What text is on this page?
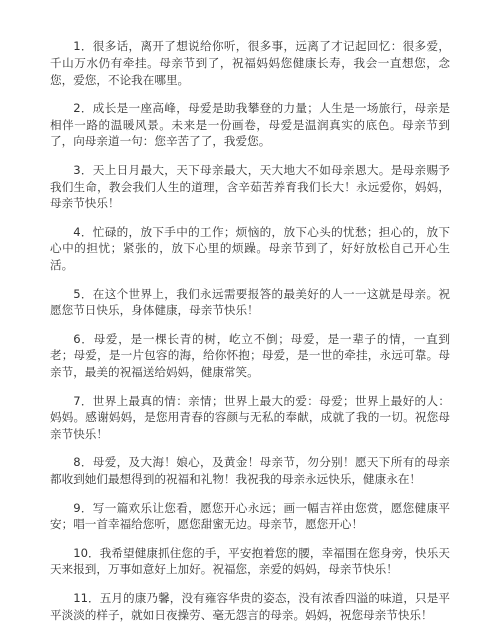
1．很多话，离开了想说给你听，很多事，远离了才记起回忆：很多爱，千山万水仍有牵挂。母亲节到了，祝福妈妈您健康长寿，我会一直想您，念您，爱您，不论我在哪里。

2．成长是一座高峰，母爱是助我攀登的力量；人生是一场旅行，母亲是相伴一路的温暖风景。未来是一份画卷，母爱是温润真实的底色。母亲节到了，向母亲道一句：您辛苦了了，我爱您。

3．天上日月最大，天下母亲最大，天大地大不如母亲恩大。是母亲赐予我们生命，教会我们人生的道理，含辛茹苦养育我们长大！永远爱你，妈妈，母亲节快乐！

4．忙碌的，放下手中的工作；烦恼的，放下心头的忧愁；担心的，放下心中的担忧；紧张的，放下心里的烦躁。母亲节到了，好好放松自己开心生活。

5．在这个世界上，我们永远需要报答的最美好的人一一这就是母亲。祝愿您节日快乐，身体健康，母亲节快乐！

6．母爱，是一棵长青的树，屹立不倒；母爱，是一辈子的情，一直到老；母爱，是一片包容的海，给你怀抱；母爱，是一世的牵挂，永远可靠。母亲节，最美的祝福送给妈妈，健康常笑。

7．世界上最真的情：亲情；世界上最大的爱：母爱；世界上最好的人：妈妈。感谢妈妈，是您用青春的容颜与无私的奉献，成就了我的一切。祝您母亲节快乐！

8．母爱，及大海！娘心，及黄金！母亲节，勿分别！愿天下所有的母亲都收到她们最想得到的祝福和礼物！我祝我的母亲永远快乐，健康永在！

9．写一篇欢乐让您看，愿您开心永远；画一幅吉祥由您赏，愿您健康平安；唱一首幸福给您听，愿您甜蜜无边。母亲节，愿您开心！

10．我希望健康抓住您的手，平安抱着您的腰，幸福围在您身旁，快乐天天来报到，万事如意好上加好。祝福您，亲爱的妈妈，母亲节快乐！

11．五月的康乃馨，没有雍容华贵的姿态，没有浓香四溢的味道，只是平平淡淡的样子，就如日夜操劳、毫无怨言的母亲。妈妈，祝您母亲节快乐！
